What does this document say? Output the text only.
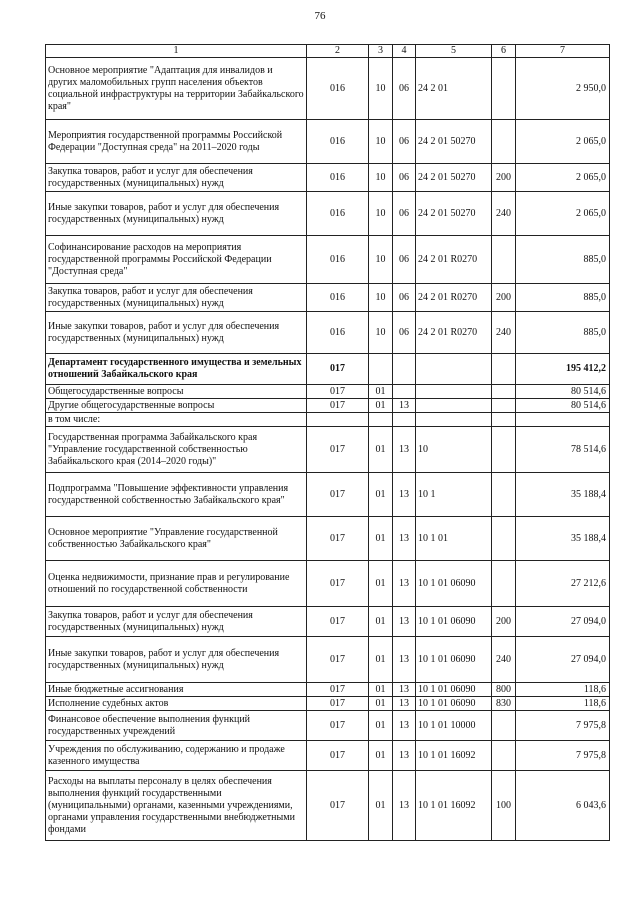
76
1	2	3	4	5	6	7
Основное мероприятие "Адаптация для инвалидов и других маломобильных групп населения объектов социальной инфраструктуры на территории Забайкальского края"	016	10	06	24 2 01		2 950,0
Мероприятия государственной программы Российской Федерации "Доступная среда" на 2011–2020 годы	016	10	06	24 2 01 50270		2 065,0
Закупка товаров, работ и услуг для обеспечения государственных (муниципальных) нужд	016	10	06	24 2 01 50270	200	2 065,0
Иные закупки товаров, работ и услуг для обеспечения государственных (муниципальных) нужд	016	10	06	24 2 01 50270	240	2 065,0
Софинансирование расходов на мероприятия государственной программы Российской Федерации "Доступная среда"	016	10	06	24 2 01 R0270		885,0
Закупка товаров, работ и услуг для обеспечения государственных (муниципальных) нужд	016	10	06	24 2 01 R0270	200	885,0
Иные закупки товаров, работ и услуг для обеспечения государственных (муниципальных) нужд	016	10	06	24 2 01 R0270	240	885,0
Департамент государственного имущества и земельных отношений Забайкальского края	017					195 412,2
Общегосударственные вопросы	017	01				80 514,6
Другие общегосударственные вопросы	017	01	13			80 514,6
в том числе:						
Государственная программа Забайкальского края "Управление государственной собственностью Забайкальского края (2014–2020 годы)"	017	01	13	10		78 514,6
Подпрограмма "Повышение эффективности управления государственной собственностью Забайкальского края"	017	01	13	10 1		35 188,4
Основное мероприятие "Управление государственной собственностью Забайкальского края"	017	01	13	10 1 01		35 188,4
Оценка недвижимости, признание прав и регулирование отношений по государственной собственности	017	01	13	10 1 01 06090		27 212,6
Закупка товаров, работ и услуг для обеспечения государственных (муниципальных) нужд	017	01	13	10 1 01 06090	200	27 094,0
Иные закупки товаров, работ и услуг для обеспечения государственных (муниципальных) нужд	017	01	13	10 1 01 06090	240	27 094,0
Иные бюджетные ассигнования	017	01	13	10 1 01 06090	800	118,6
Исполнение судебных актов	017	01	13	10 1 01 06090	830	118,6
Финансовое обеспечение выполнения функций государственных учреждений	017	01	13	10 1 01 10000		7 975,8
Учреждения по обслуживанию, содержанию и продаже казенного имущества	017	01	13	10 1 01 16092		7 975,8
Расходы на выплаты персоналу в целях обеспечения выполнения функций государственными (муниципальными) органами, казенными учреждениями, органами управления государственными внебюджетными фондами	017	01	13	10 1 01 16092	100	6 043,6
